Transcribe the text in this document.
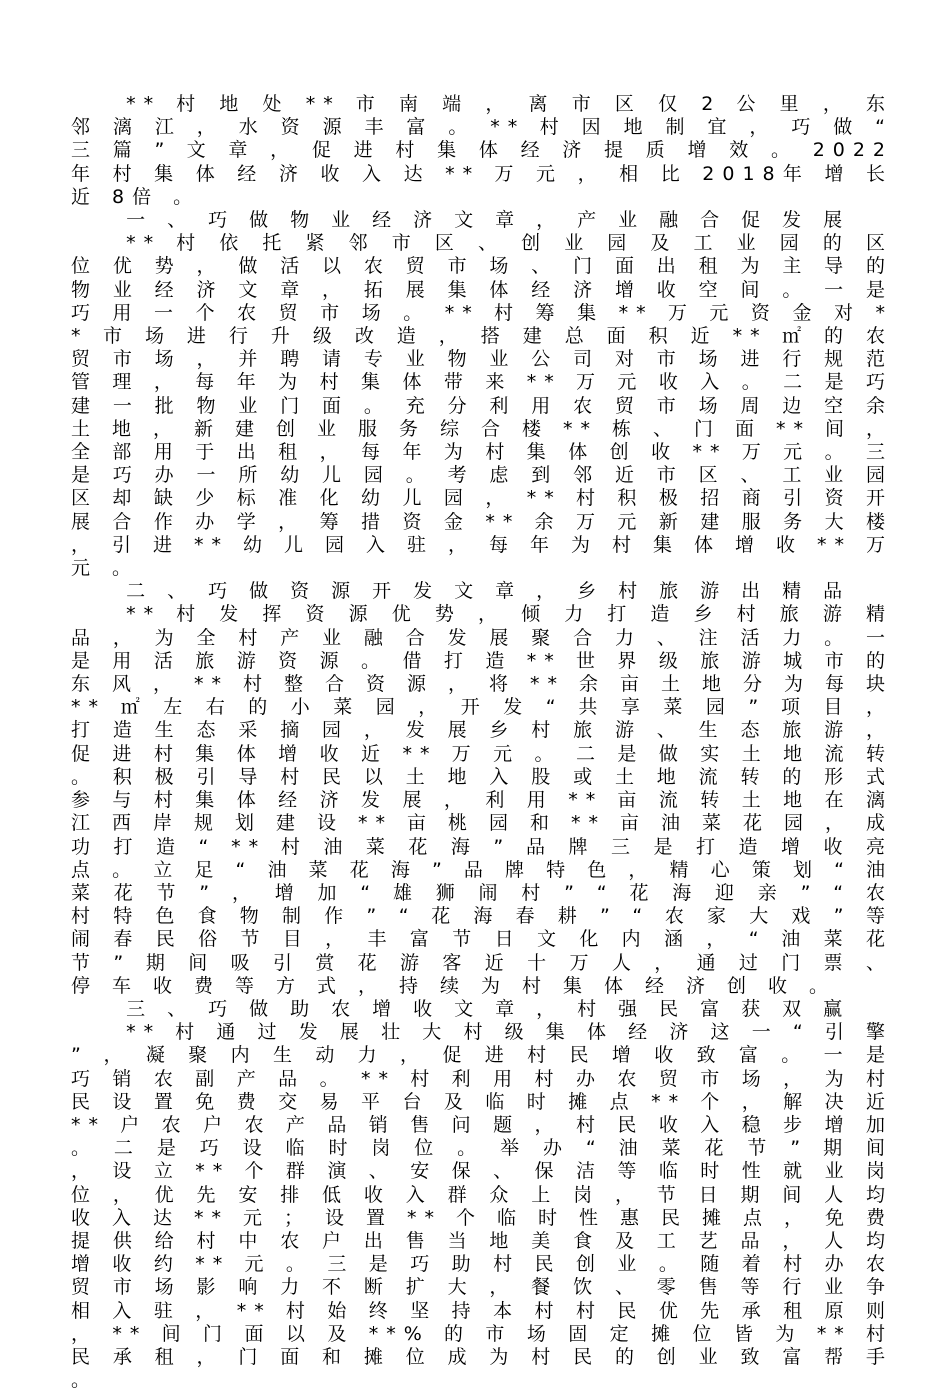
** 村 地 处 ** 市 南 端 ， 离 市 区 仅 2 公 里 ， 东 邻 漓 江 ， 水 资 源 丰 富 。 ** 村 因 地 制 宜 ， 巧 做 “ 三 篇 ” 文 章 ， 促 进 村 集 体 经 济 提 质 增 效 。 2022年 村 集 体 经 济 收 入 达 ** 万 元 ， 相 比 2018年 增 长 近 8倍 。

一 、 巧 做 物 业 经 济 文 章 ， 产 业 融 合 促 发 展

** 村 依 托 紧 邻 市 区 、 创 业 园 及 工 业 园 的 区 位 优 势 ， 做 活 以 农 贸 市 场 、 门 面 出 租 为 主 导 的 物 业 经 济 文 章 ， 拓 展 集 体 经 济 增 收 空 间 。 一 是 巧 用 一 个 农 贸 市 场 。 ** 村 筹 集 ** 万 元 资 金 对 ** 市 场 进 行 升 级 改 造 ， 搭 建 总 面 积 近 ** ㎡ 的 农 贸 市 场 ， 并 聘 请 专 业 物 业 公 司 对 市 场 进 行 规 范 管 理 ， 每 年 为 村 集 体 带 来 ** 万 元 收 入 。 二 是 巧 建 一 批 物 业 门 面 。 充 分 利 用 农 贸 市 场 周 边 空 余 土 地 ， 新 建 创 业 服 务 综 合 楼 ** 栋 、 门 面 ** 间 ， 全 部 用 于 出 租 ， 每 年 为 村 集 体 创 收 ** 万 元 。 三 是 巧 办 一 所 幼 儿 园 。 考 虑 到 邻 近 市 区 、 工 业 园 区 却 缺 少 标 准 化 幼 儿 园 ， ** 村 积 极 招 商 引 资 开 展 合 作 办 学 ， 筹 措 资 金 ** 余 万 元 新 建 服 务 大 楼 ， 引 进 ** 幼 儿 园 入 驻 ， 每 年 为 村 集 体 增 收 ** 万 元 。

二 、 巧 做 资 源 开 发 文 章 ， 乡 村 旅 游 出 精 品

** 村 发 挥 资 源 优 势 ， 倾 力 打 造 乡 村 旅 游 精 品 ， 为 全 村 产 业 融 合 发 展 聚 合 力 、 注 活 力 。 一 是 用 活 旅 游 资 源 。 借 打 造 ** 世 界 级 旅 游 城 市 的 东 风 ， ** 村 整 合 资 源 ， 将 ** 余 亩 土 地 分 为 每 块 ** ㎡ 左 右 的 小 菜 园 ， 开 发 “ 共 享 菜 园 ” 项 目 ， 打 造 生 态 采 摘 园 ， 发 展 乡 村 旅 游 、 生 态 旅 游 ， 促 进 村 集 体 增 收 近 ** 万 元 。 二 是 做 实 土 地 流 转 。 积 极 引 导 村 民 以 土 地 入 股 或 土 地 流 转 的 形 式 参 与 村 集 体 经 济 发 展 ， 利 用 ** 亩 流 转 土 地 在 漓 江 西 岸 规 划 建 设 ** 亩 桃 园 和 ** 亩 油 菜 花 园 ， 成 功 打 造 “ ** 村 油 菜 花 海 ” 品 牌 三 是 打 造 增 收 亮 点 。 立 足 “ 油 菜 花 海 ” 品 牌 特 色 ， 精 心 策 划 “ 油 菜 花 节 ” ， 增 加 “ 雄 狮 闹 村 ” “ 花 海 迎 亲 ” “ 农 村 特 色 食 物 制 作 ” “ 花 海 春 耕 ” “ 农 家 大 戏 ” 等 闹 春 民 俗 节 目 ， 丰 富 节 日 文 化 内 涵 ， “ 油 菜 花 节 ” 期 间 吸 引 赏 花 游 客 近 十 万 人 ， 通 过 门 票 、 停 车 收 费 等 方 式 ， 持 续 为 村 集 体 经 济 创 收 。

三 、 巧 做 助 农 增 收 文 章 ， 村 强 民 富 获 双 赢

** 村 通 过 发 展 壮 大 村 级 集 体 经 济 这 一 “ 引 擎 ” ， 凝 聚 内 生 动 力 ， 促 进 村 民 增 收 致 富 。 一 是 巧 销 农 副 产 品 。 ** 村 利 用 村 办 农 贸 市 场 ， 为 村 民 设 置 免 费 交 易 平 台 及 临 时 摊 点 ** 个 ， 解 决 近 ** 户 农 户 农 产 品 销 售 问 题 ， 村 民 收 入 稳 步 增 加 。 二 是 巧 设 临 时 岗 位 。 举 办 “ 油 菜 花 节 ” 期 间 ， 设 立 ** 个 群 演 、 安 保 、 保 洁 等 临 时 性 就 业 岗 位 ， 优 先 安 排 低 收 入 群 众 上 岗 ， 节 日 期 间 人 均 收 入 达 ** 元 ； 设 置 ** 个 临 时 性 惠 民 摊 点 ， 免 费 提 供 给 村 中 农 户 出 售 当 地 美 食 及 工 艺 品 ， 人 均 增 收 约 ** 元 。 三 是 巧 助 村 民 创 业 。 随 着 村 办 农 贸 市 场 影 响 力 不 断 扩 大 ， 餐 饮 、 零 售 等 行 业 争 相 入 驻 ， ** 村 始 终 坚 持 本 村 村 民 优 先 承 租 原 则 ， ** 间 门 面 以 及 **% 的 市 场 固 定 摊 位 皆 为 ** 村 民 承 租 ， 门 面 和 摊 位 成 为 村 民 的 创 业 致 富 帮 手 。
